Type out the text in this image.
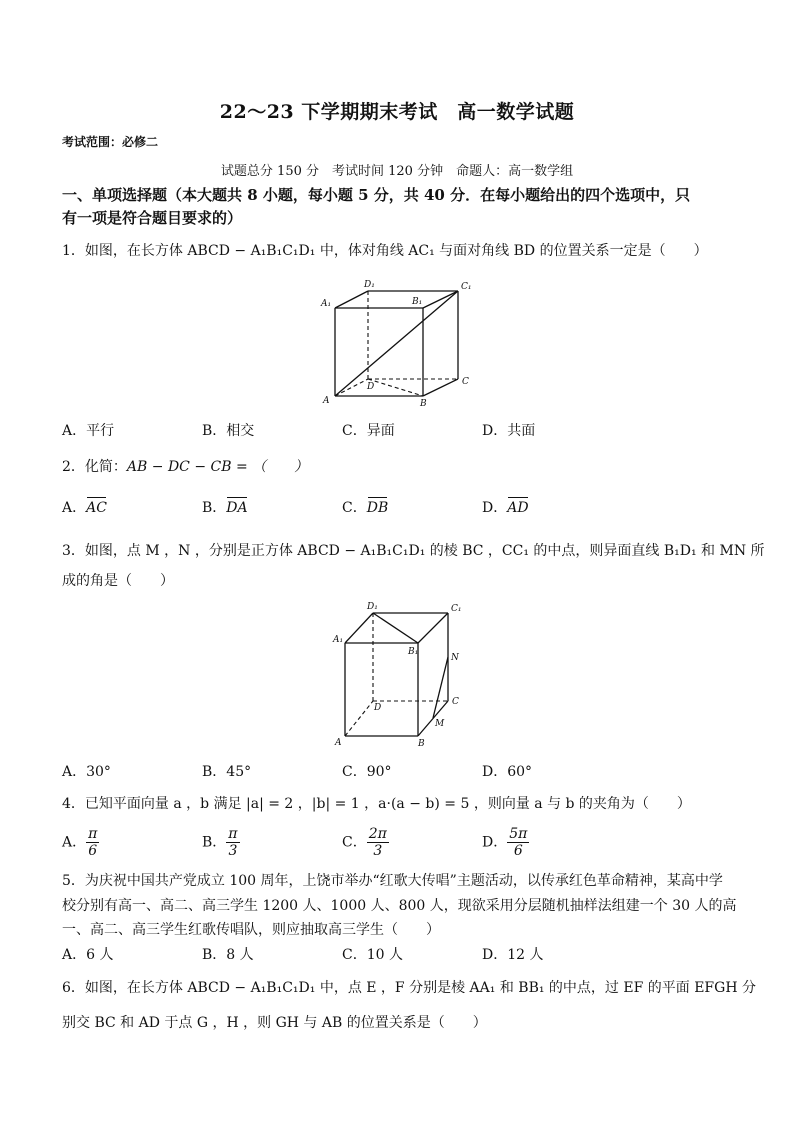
22～23 下学期期末考试　高一数学试题
考试范围：必修二
试题总分 150 分　考试时间 120 分钟　命题人：高一数学组
一、单项选择题（本大题共 8 小题，每小题 5 分，共 40 分．在每小题给出的四个选项中，只
有一项是符合题目要求的）
1．如图，在长方体 ABCD − A₁B₁C₁D₁ 中，体对角线 AC₁ 与面对角线 BD 的位置关系一定是（　　）
D₁	C₁
A₁	B₁
D	C
A	B
A．平行	B．相交	C．异面	D．共面
2．化简：AB − DC − CB = （　　）
A．AC	B．DA	C．DB	D．AD
3．如图，点 M ，N ，分别是正方体 ABCD − A₁B₁C₁D₁ 的棱 BC ，CC₁ 的中点，则异面直线 B₁D₁ 和 MN 所
成的角是（　　）
D₁	C₁
A₁
B₁
N
D
C
A	B
M
A．30°	B．45°	C．90°	D．60°
4．已知平面向量 a ，b 满足 |a| = 2 ，|b| = 1 ，a·(a − b) = 5 ，则向量 a 与 b 的夹角为（　　）
A． $\frac{\pi}{6}$	B． $\frac{\pi}{3}$	C． $\frac{2\pi}{3}$	D． $\frac{5\pi}{6}$
5．为庆祝中国共产党成立 100 周年，上饶市举办“红歌大传唱”主题活动，以传承红色革命精神，某高中学
校分别有高一、高二、高三学生 1200 人、1000 人、800 人，现欲采用分层随机抽样法组建一个 30 人的高
一、高二、高三学生红歌传唱队，则应抽取高三学生（　　）
A．6 人	B．8 人	C．10 人	D．12 人
6．如图，在长方体 ABCD − A₁B₁C₁D₁ 中，点 E ，F 分别是棱 AA₁ 和 BB₁ 的中点，过 EF 的平面 EFGH 分
别交 BC 和 AD 于点 G ，H ，则 GH 与 AB 的位置关系是（　　）
